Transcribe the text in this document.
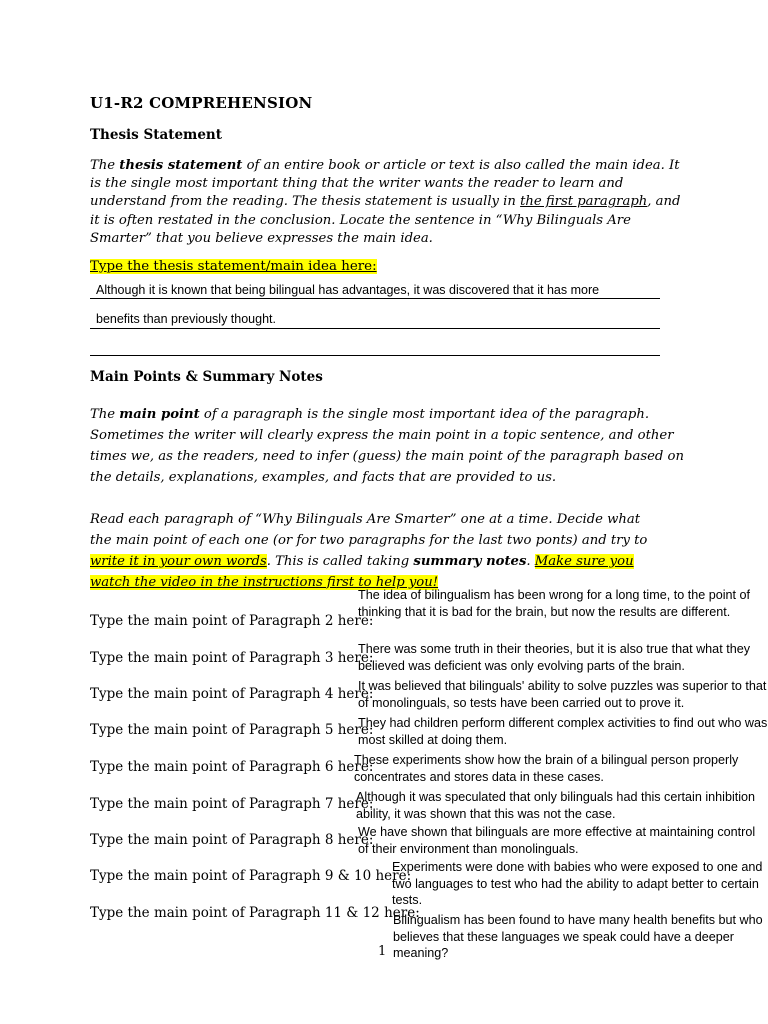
U1-R2 COMPREHENSION
Thesis Statement
The thesis statement of an entire book or article or text is also called the main idea. It is the single most important thing that the writer wants the reader to learn and understand from the reading. The thesis statement is usually in the first paragraph, and it is often restated in the conclusion. Locate the sentence in “Why Bilinguals Are Smarter” that you believe expresses the main idea.
Type the thesis statement/main idea here:
Although it is known that being bilingual has advantages, it was discovered that it has more
benefits than previously thought.
Main Points & Summary Notes
The main point of a paragraph is the single most important idea of the paragraph. Sometimes the writer will clearly express the main point in a topic sentence, and other times we, as the readers, need to infer (guess) the main point of the paragraph based on the details, explanations, examples, and facts that are provided to us.
Read each paragraph of “Why Bilinguals Are Smarter” one at a time. Decide what the main point of each one (or for two paragraphs for the last two ponts) and try to write it in your own words. This is called taking summary notes. Make sure you watch the video in the instructions first to help you!
Type the main point of Paragraph 2 here:
The idea of bilingualism has been wrong for a long time, to the point of thinking that it is bad for the brain, but now the results are different.
Type the main point of Paragraph 3 here:
There was some truth in their theories, but it is also true that what they believed was deficient was only evolving parts of the brain.
Type the main point of Paragraph 4 here:
It was believed that bilinguals' ability to solve puzzles was superior to that of monolinguals, so tests have been carried out to prove it.
Type the main point of Paragraph 5 here:
They had children perform different complex activities to find out who was most skilled at doing them.
Type the main point of Paragraph 6 here:
These experiments show how the brain of a bilingual person properly concentrates and stores data in these cases.
Type the main point of Paragraph 7 here:
Although it was speculated that only bilinguals had this certain inhibition ability, it was shown that this was not the case.
Type the main point of Paragraph 8 here:
We have shown that bilinguals are more effective at maintaining control of their environment than monolinguals.
Type the main point of Paragraph 9 & 10 here:
Experiments were done with babies who were exposed to one and two languages to test who had the ability to adapt better to certain tests.
Type the main point of Paragraph 11 & 12 here:
Bilingualism has been found to have many health benefits but who believes that these languages we speak could have a deeper meaning?
1
